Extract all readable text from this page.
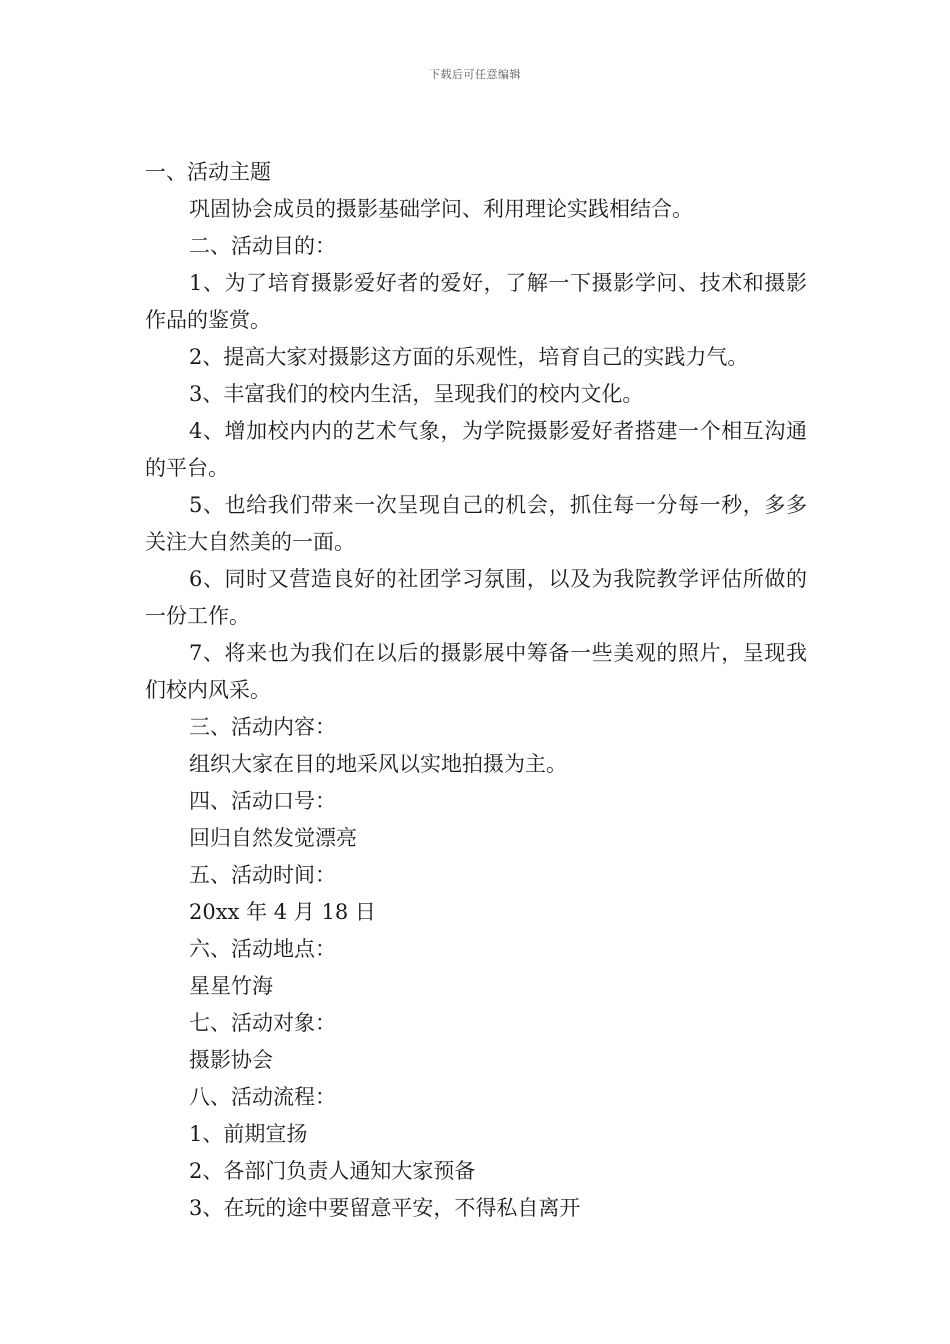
下载后可任意编辑

一、活动主题

巩固协会成员的摄影基础学问、利用理论实践相结合。

二、活动目的：

1、为了培育摄影爱好者的爱好，了解一下摄影学问、技术和摄影作品的鉴赏。

2、提高大家对摄影这方面的乐观性，培育自己的实践力气。

3、丰富我们的校内生活，呈现我们的校内文化。

4、增加校内内的艺术气象，为学院摄影爱好者搭建一个相互沟通的平台。

5、也给我们带来一次呈现自己的机会，抓住每一分每一秒，多多关注大自然美的一面。

6、同时又营造良好的社团学习氛围，以及为我院教学评估所做的一份工作。

7、将来也为我们在以后的摄影展中筹备一些美观的照片，呈现我们校内风采。

三、活动内容：

组织大家在目的地采风以实地拍摄为主。

四、活动口号：

回归自然发觉漂亮

五、活动时间：

20xx 年 4 月 18 日

六、活动地点：

星星竹海

七、活动对象：

摄影协会

八、活动流程：

1、前期宣扬

2、各部门负责人通知大家预备

3、在玩的途中要留意平安，不得私自离开
